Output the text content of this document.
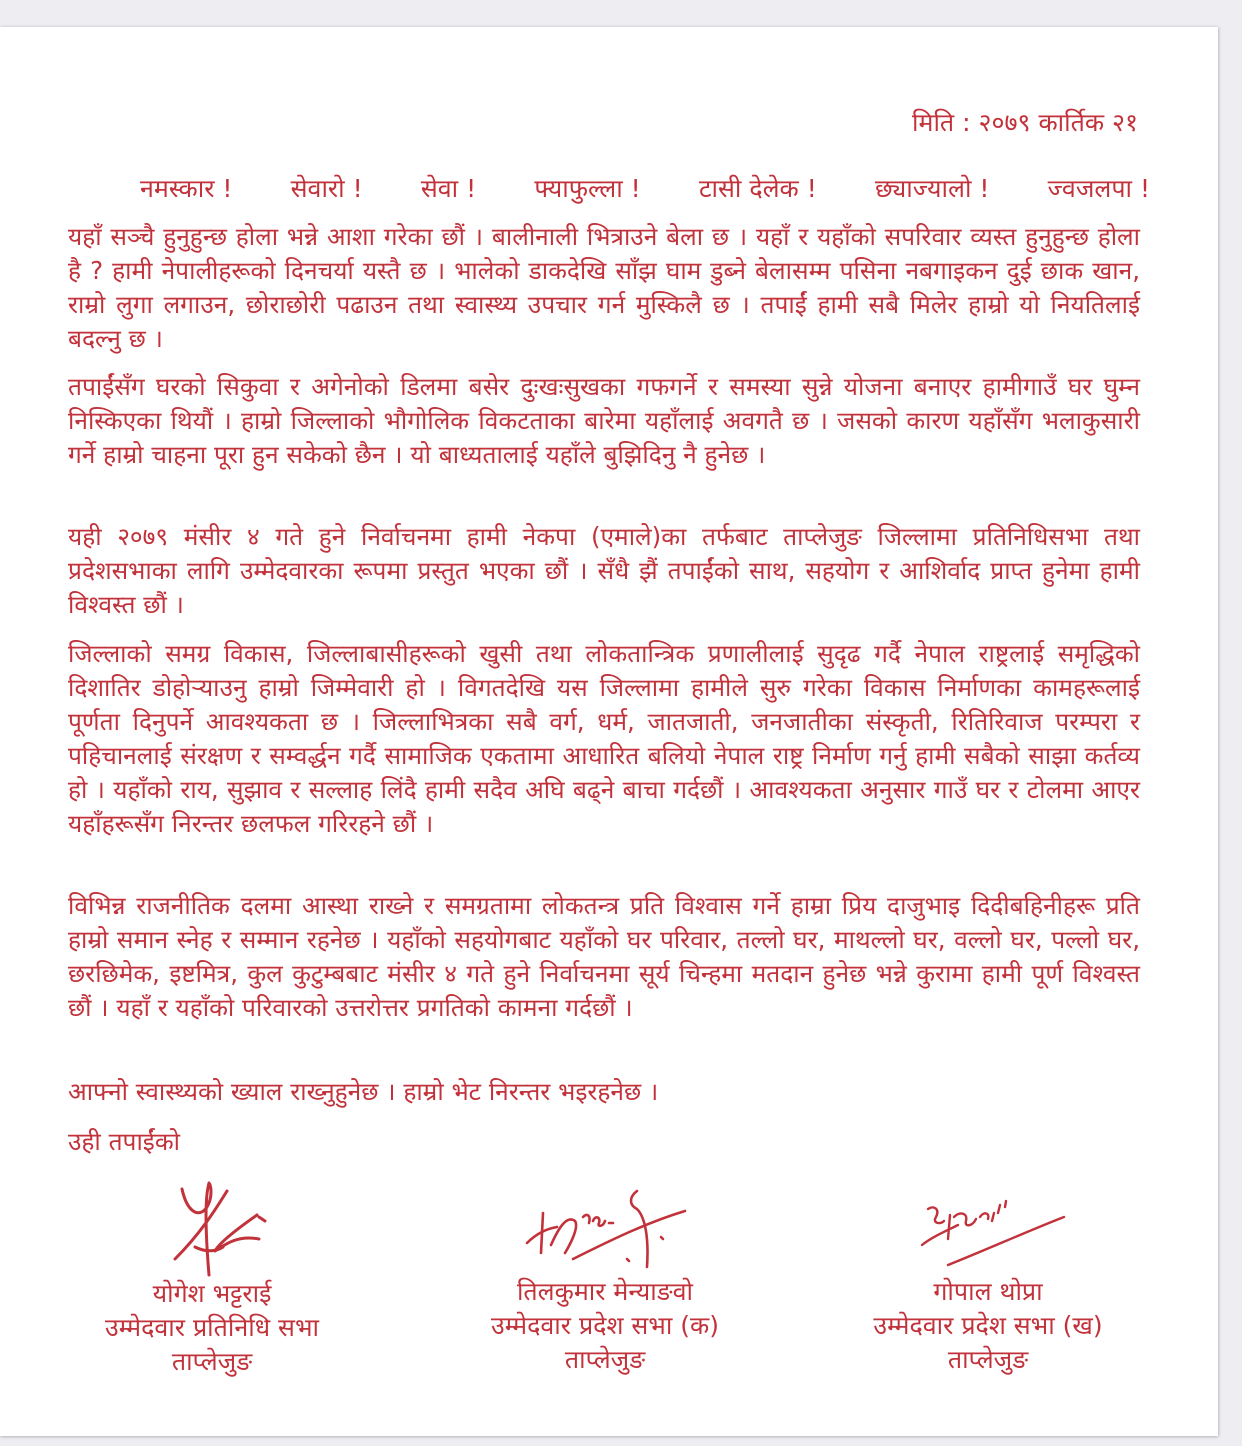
मिति : २०७९ कार्तिक २१
नमस्कार ! सेवारो ! सेवा ! फ्याफुल्ला ! टासी देलेक ! छ्याज्यालो ! ज्वजलपा !

यहाँ सञ्चै हुनुहुन्छ होला भन्ने आशा गरेका छौं । बालीनाली भित्राउने बेला छ । यहाँ र यहाँको सपरिवार व्यस्त हुनुहुन्छ होला है ? हामी नेपालीहरूको दिनचर्या यस्तै छ । भालेको डाकदेखि साँझ घाम डुब्ने बेलासम्म पसिना नबगाइकन दुई छाक खान, राम्रो लुगा लगाउन, छोराछोरी पढाउन तथा स्वास्थ्य उपचार गर्न मुस्किलै छ । तपाईं हामी सबै मिलेर हाम्रो यो नियतिलाई बदल्नु छ ।

तपाईंसँग घरको सिकुवा र अगेनोको डिलमा बसेर दुःखःसुखका गफगर्ने र समस्या सुन्ने योजना बनाएर हामीगाउँ घर घुम्न निस्किएका थियौं । हाम्रो जिल्लाको भौगोलिक विकटताका बारेमा यहाँलाई अवगतै छ । जसको कारण यहाँसँग भलाकुसारी गर्ने हाम्रो चाहना पूरा हुन सकेको छैन । यो बाध्यतालाई यहाँले बुझिदिनु नै हुनेछ ।

यही २०७९ मंसीर ४ गते हुने निर्वाचनमा हामी नेकपा (एमाले)का तर्फबाट ताप्लेजुङ जिल्लामा प्रतिनिधिसभा तथा प्रदेशसभाका लागि उम्मेदवारका रूपमा प्रस्तुत भएका छौं । सँधै झैं तपाईंको साथ, सहयोग र आशिर्वाद प्राप्त हुनेमा हामी विश्वस्त छौं ।

जिल्लाको समग्र विकास, जिल्लाबासीहरूको खुसी तथा लोकतान्त्रिक प्रणालीलाई सुदृढ गर्दै नेपाल राष्ट्रलाई समृद्धिको दिशातिर डोहोऱ्याउनु हाम्रो जिम्मेवारी हो । विगतदेखि यस जिल्लामा हामीले सुरु गरेका विकास निर्माणका कामहरूलाई पूर्णता दिनुपर्ने आवश्यकता छ । जिल्लाभित्रका सबै वर्ग, धर्म, जातजाती, जनजातीका संस्कृती, रितिरिवाज परम्परा र पहिचानलाई संरक्षण र सम्वर्द्धन गर्दै सामाजिक एकतामा आधारित बलियो नेपाल राष्ट्र निर्माण गर्नु हामी सबैको साझा कर्तव्य हो । यहाँको राय, सुझाव र सल्लाह लिंदै हामी सदैव अघि बढ्ने बाचा गर्दछौं । आवश्यकता अनुसार गाउँ घर र टोलमा आएर यहाँहरूसँग निरन्तर छलफल गरिरहने छौं ।

विभिन्न राजनीतिक दलमा आस्था राख्ने र समग्रतामा लोकतन्त्र प्रति विश्वास गर्ने हाम्रा प्रिय दाजुभाइ दिदीबहिनीहरू प्रति हाम्रो समान स्नेह र सम्मान रहनेछ । यहाँको सहयोगबाट यहाँको घर परिवार, तल्लो घर, माथल्लो घर, वल्लो घर, पल्लो घर, छरछिमेक, इष्टमित्र, कुल कुटुम्बबाट मंसीर ४ गते हुने निर्वाचनमा सूर्य चिन्हमा मतदान हुनेछ भन्ने कुरामा हामी पूर्ण विश्वस्त छौं । यहाँ र यहाँको परिवारको उत्तरोत्तर प्रगतिको कामना गर्दछौं ।

आफ्नो स्वास्थ्यको ख्याल राख्नुहुनेछ । हाम्रो भेट निरन्तर भइरहनेछ ।
उही तपाईंको
योगेश भट्टराई
उम्मेदवार प्रतिनिधि सभा
ताप्लेजुङ
तिलकुमार मेन्याङवो
उम्मेदवार प्रदेश सभा (क)
ताप्लेजुङ
गोपाल थोप्रा
उम्मेदवार प्रदेश सभा (ख)
ताप्लेजुङ
